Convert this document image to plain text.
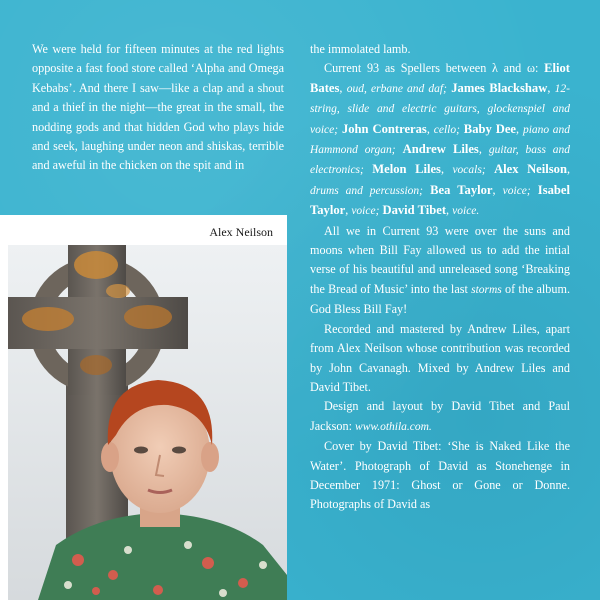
We were held for fifteen minutes at the red lights opposite a fast food store called ‘Alpha and Omega Kebabs’. And there I saw—like a clap and a shout and a thief in the night—the great in the small, the nodding gods and that hidden God who plays hide and seek, laughing under neon and shiskas, terrible and aweful in the chicken on the spit and in
Alex Neilson

the immolated lamb.

Current 93 as Spellers between λ and ω: Eliot Bates, oud, erbane and daf; James Blackshaw, 12-string, slide and electric guitars, glockenspiel and voice; John Contreras, cello; Baby Dee, piano and Hammond organ; Andrew Liles, guitar, bass and electronics; Melon Liles, vocals; Alex Neilson, drums and percussion; Bea Taylor, voice; Isabel Taylor, voice; David Tibet, voice.

All we in Current 93 were over the suns and moons when Bill Fay allowed us to add the intial verse of his beautiful and unreleased song ‘Breaking the Bread of Music’ into the last storms of the album. God Bless Bill Fay!

Recorded and mastered by Andrew Liles, apart from Alex Neilson whose contribution was recorded by John Cavanagh. Mixed by Andrew Liles and David Tibet.

Design and layout by David Tibet and Paul Jackson: www.othila.com.

Cover by David Tibet: ‘She is Naked Like the Water’. Photograph of David as Stonehenge in December 1971: Ghost or Gone or Donne. Photographs of David as
